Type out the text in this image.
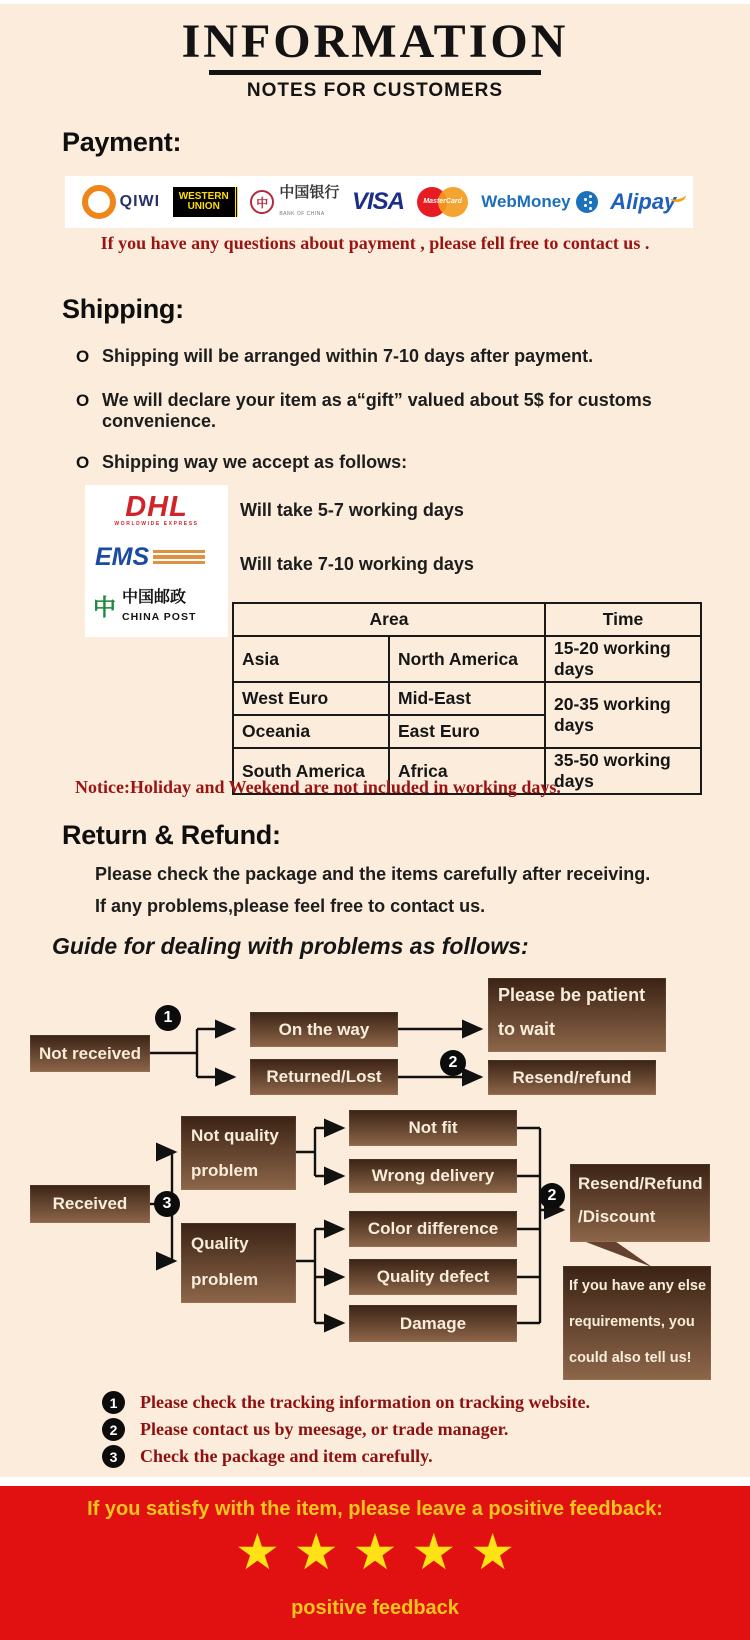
INFORMATION
NOTES FOR CUSTOMERS
Payment:
QIWI	WESTERN
UNION	中
中国银行
BANK OF CHINA	VISA	MasterCard WebMoney Alipay
If you have any questions about payment , please fell free to contact us .
Shipping:
O Shipping will be arranged within 7-10 days after payment.
O We will declare your item as a“gift” valued about 5$ for customs convenience.
O Shipping way we accept as follows:
DHL
WORLDWIDE EXPRESS
EMS
中 中国邮政
CHINA POST
Will take 5-7 working days
Will take 7-10 working days
Area		Time
Asia	North America	15-20 working days
West Euro	Mid-East	20-35 working days
Oceania	East Euro	
South America	Africa	35-50 working days
Notice:Holiday and Weekend are not included in working days.
Return & Refund:
Please check the package and the items carefully after receiving.
If any problems,please feel free to contact us.
Guide for dealing with problems as follows:
1
Not received
On the way
Returned/Lost
2
Please be patient
to wait
Resend/refund
Not quality
problem
Received	3
Quality
problem
Not fit
Wrong delivery
Color difference
Quality defect
Damage
2
Resend/Refund
/Discount
If you have any else
requirements, you
could also tell us!
1	Please check the tracking information on tracking website.
2	Please contact us by meesage, or trade manager.
3	Check the package and item carefully.
If you satisfy with the item, please leave a positive feedback:
★★★★★
positive feedback
